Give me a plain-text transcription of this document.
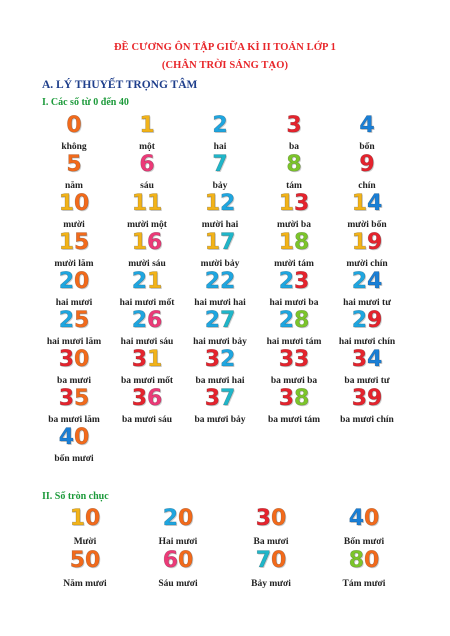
ĐỀ CƯƠNG ÔN TẬP GIỮA KÌ II TOÁN LỚP 1
(CHÂN TRỜI SÁNG TẠO)
A. LÝ THUYẾT TRỌNG TÂM
I. Các số từ 0 đến 40
0
không
1
một
2
hai
3
ba
4
bốn
5
năm
6
sáu
7
bảy
8
tám
9
chín
10
mười
11
mười một
12
mười hai
13
mười ba
14
mười bốn
15
mười lăm
16
mười sáu
17
mười bảy
18
mười tám
19
mười chín
20
hai mươi
21
hai mươi mốt
22
hai mươi hai
23
hai mươi ba
24
hai mươi tư
25
hai mươi lăm
26
hai mươi sáu
27
hai mươi bảy
28
hai mươi tám
29
hai mươi chín
30
ba mươi
31
ba mươi mốt
32
ba mươi hai
33
ba mươi ba
34
ba mươi tư
35
ba mươi lăm
36
ba mươi sáu
37
ba mươi bảy
38
ba mươi tám
39
ba mươi chín
40
bốn mươi
II. Số tròn chục
10
Mười
20
Hai mươi
30
Ba mươi
40
Bốn mươi
50
Năm mươi
60
Sáu mươi
70
Bảy mươi
80
Tám mươi
